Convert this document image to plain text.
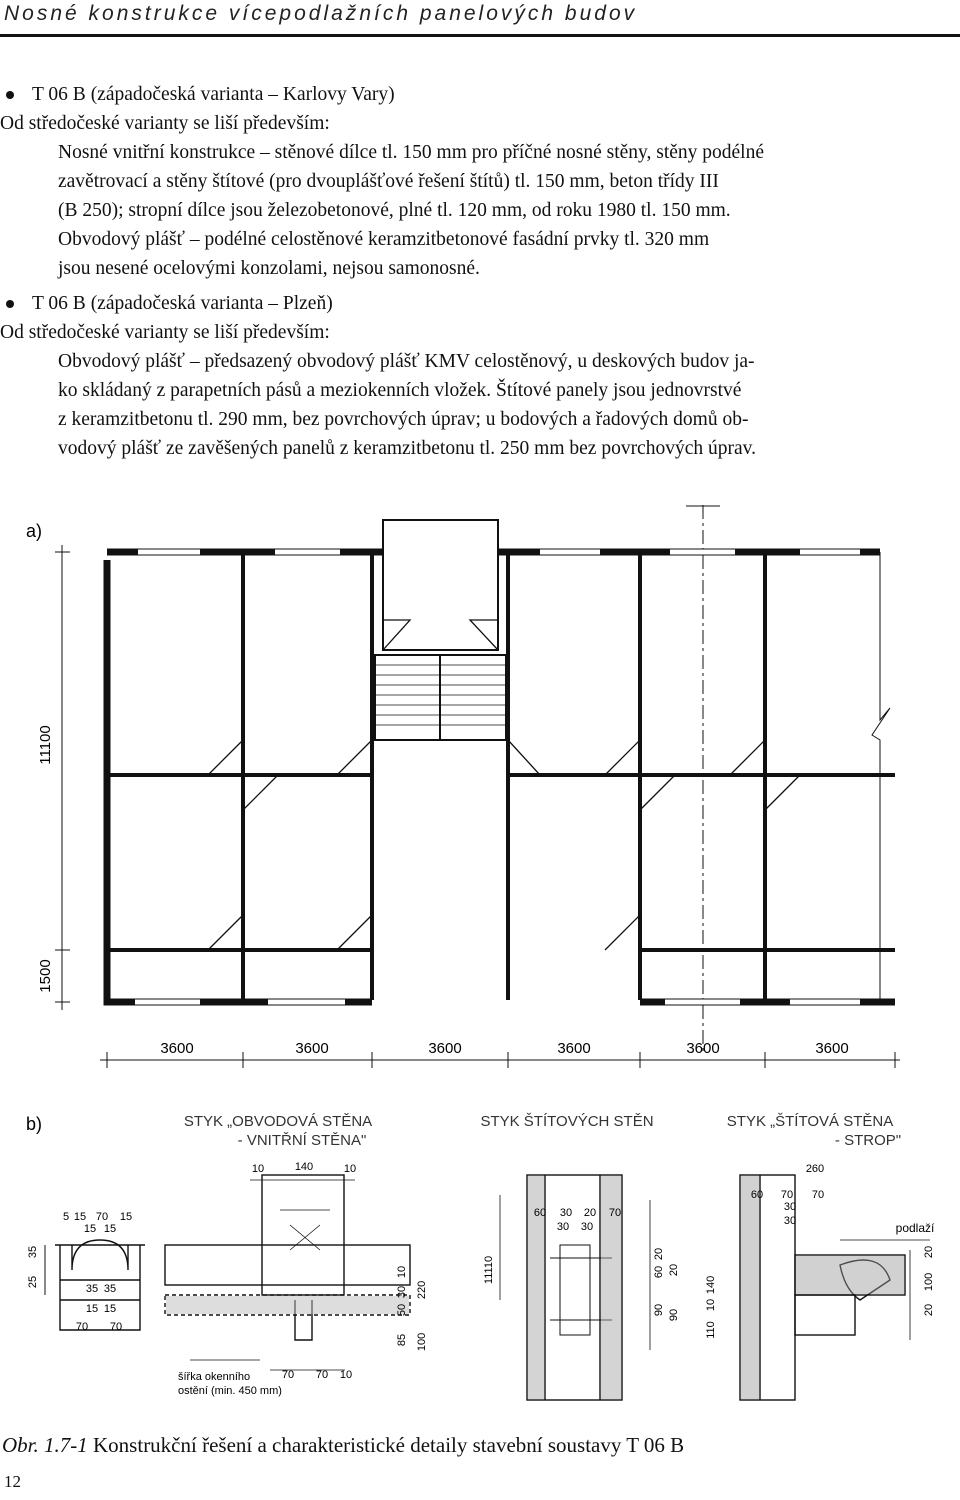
Nosné konstrukce vícepodlažních panelových budov
T 06 B (západočeská varianta – Karlovy Vary)
Od středočeské varianty se liší především:
Nosné vnitřní konstrukce – stěnové dílce tl. 150 mm pro příčné nosné stěny, stěny podélné
zavětrovací a stěny štítové (pro dvouplášťové řešení štítů) tl. 150 mm, beton třídy III
(B 250); stropní dílce jsou železobetonové, plné tl. 120 mm, od roku 1980 tl. 150 mm.
Obvodový plášť – podélné celostěnové keramzitbetonové fasádní prvky tl. 320 mm
jsou nesené ocelovými konzolami, nejsou samonosné.
T 06 B (západočeská varianta – Plzeň)
Od středočeské varianty se liší především:
Obvodový plášť – předsazený obvodový plášť KMV celostěnový, u deskových budov ja-
ko skládaný z parapetních pásů a meziokenních vložek. Štítové panely jsou jednovrstvé
z keramzitbetonu tl. 290 mm, bez povrchových úprav; u bodových a řadových domů ob-
vodový plášť ze zavěšených panelů z keramzitbetonu tl. 250 mm bez povrchových úprav.
a)
11100
1500
3600	3600	3600	3600	3600	3600
b)	STYK „OBVODOVÁ STĚNA
- VNITŘNÍ STĚNA"
STYK ŠTÍTOVÝCH STĚN	STYK „ŠTÍTOVÁ STĚNA
- STROP"
5 15 70 15
15 15
35 35
15 15
70 70
25
35
10	140	10
10
30
50
220
85 100
70 70 10
šířka okenního
ostění (min. 450 mm)
60 30 20 70
30 30
11110
20
20
60
90 90
260
60 70 70
30
30	podlaží
20
100
20
140
10
110
Obr. 1.7-1 Konstrukční řešení a charakteristické detaily stavební soustavy T 06 B
12
